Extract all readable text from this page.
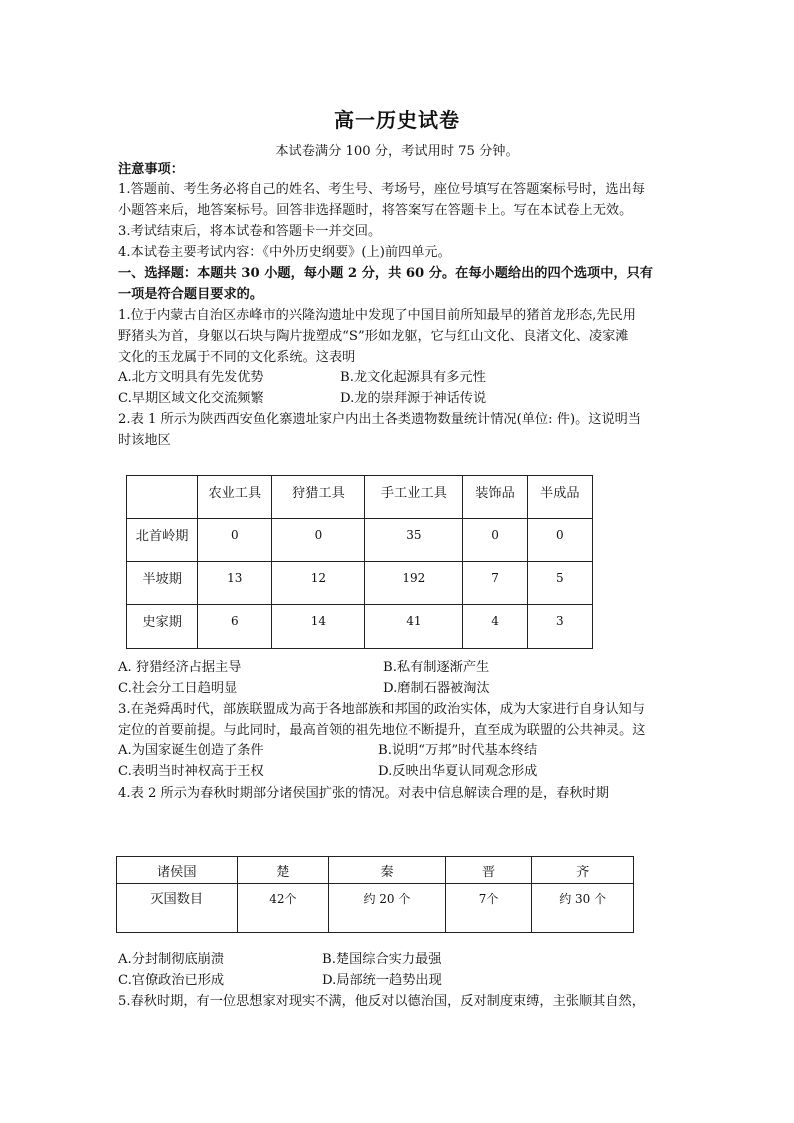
高一历史试卷
本试卷满分 100 分，考试用时 75 分钟。
注意事项：
1.答题前、考生务必将自己的姓名、考生号、考场号，座位号填写在答题案标号时，选出每
小题答来后，地答案标号。回答非选择题时，将答案写在答题卡上。写在本试卷上无效。
3.考试结束后，将本试卷和答题卡一并交回。
4.本试卷主要考试内容：《中外历史纲要》(上)前四单元。
一、选择题：本题共 30 小题，每小题 2 分，共 60 分。在每小题给出的四个选项中，只有
一项是符合题目要求的。
1.位于内蒙古自治区赤峰市的兴隆沟遗址中发现了中国目前所知最早的猪首龙形态,先民用
野猪头为首，身躯以石块与陶片拢塑成“S”形如龙躯，它与红山文化、良渚文化、凌家滩
文化的玉龙属于不同的文化系统。这表明
A.北方文明具有先发优势	B.龙文化起源具有多元性
C.早期区域文化交流频繁	D.龙的崇拜源于神话传说
2.表 1 所示为陕西西安鱼化寨遗址家户内出土各类遗物数量统计情况(单位: 件)。这说明当
时该地区
	农业工具	狩猎工具	手工业工具	装饰品	半成品
北首岭期	0	0	35	0	0
半坡期	13	12	192	7	5
史家期	6	14	41	4	3
A. 狩猎经济占据主导	B.私有制逐渐产生
C.社会分工日趋明显	D.磨制石器被淘汰
3.在尧舜禹时代，部族联盟成为高于各地部族和邦国的政治实体，成为大家进行自身认知与
定位的首要前提。与此同时，最高首领的祖先地位不断提升，直至成为联盟的公共神灵。这
A.为国家诞生创造了条件	B.说明“万邦”时代基本终结
C.表明当时神权高于王权	D.反映出华夏认同观念形成
4.表 2 所示为春秋时期部分诸侯国扩张的情况。对表中信息解读合理的是，春秋时期
诸侯国	楚	秦	晋	齐
灭国数目	42个	约 20 个	7个	约 30 个
A.分封制彻底崩溃	B.楚国综合实力最强
C.官僚政治已形成	D.局部统一趋势出现
5.春秋时期，有一位思想家对现实不满，他反对以德治国，反对制度束缚，主张顺其自然，
